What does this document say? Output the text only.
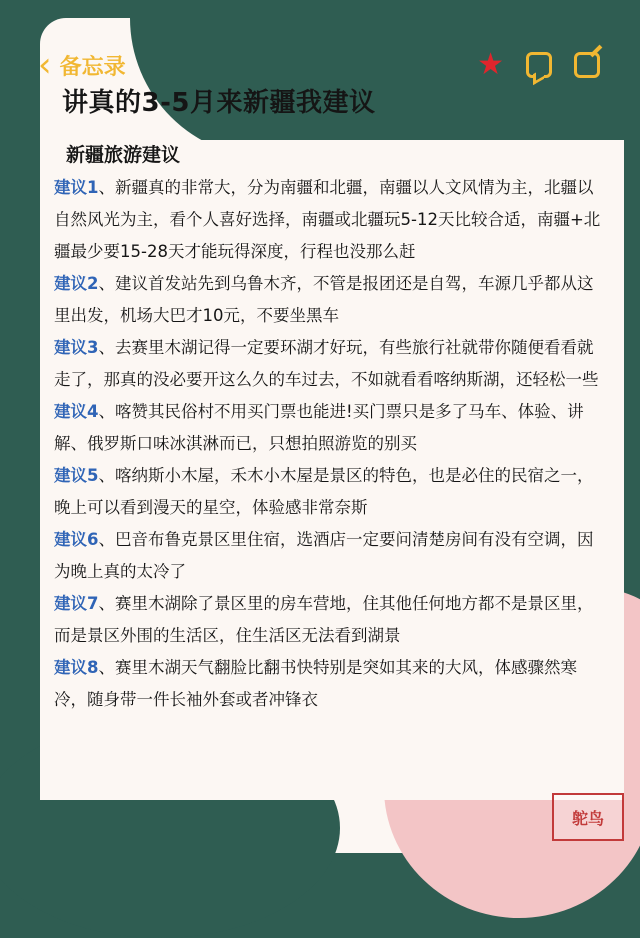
‹ 备忘录	★
讲真的3-5月来新疆我建议
新疆旅游建议

建议1、新疆真的非常大，分为南疆和北疆，南疆以人文风情为主，北疆以自然风光为主，看个人喜好选择，南疆或北疆玩5-12天比较合适，南疆+北疆最少要15-28天才能玩得深度，行程也没那么赶

建议2、建议首发站先到乌鲁木齐，不管是报团还是自驾，车源几乎都从这里出发，机场大巴才10元，不要坐黑车

建议3、去赛里木湖记得一定要环湖才好玩，有些旅行社就带你随便看看就走了，那真的没必要开这么久的车过去，不如就看看喀纳斯湖，还轻松一些

建议4、喀赞其民俗村不用买门票也能进!买门票只是多了马车、体验、讲解、俄罗斯口味冰淇淋而已，只想拍照游览的别买

建议5、喀纳斯小木屋，禾木小木屋是景区的特色，也是必住的民宿之一，晚上可以看到漫天的星空，体验感非常奈斯

建议6、巴音布鲁克景区里住宿，选酒店一定要问清楚房间有没有空调，因为晚上真的太冷了

建议7、赛里木湖除了景区里的房车营地，住其他任何地方都不是景区里，而是景区外围的生活区，住生活区无法看到湖景

建议8、赛里木湖天气翻脸比翻书快特别是突如其来的大风，体感骤然寒冷，随身带一件长袖外套或者冲锋衣

鸵鸟
